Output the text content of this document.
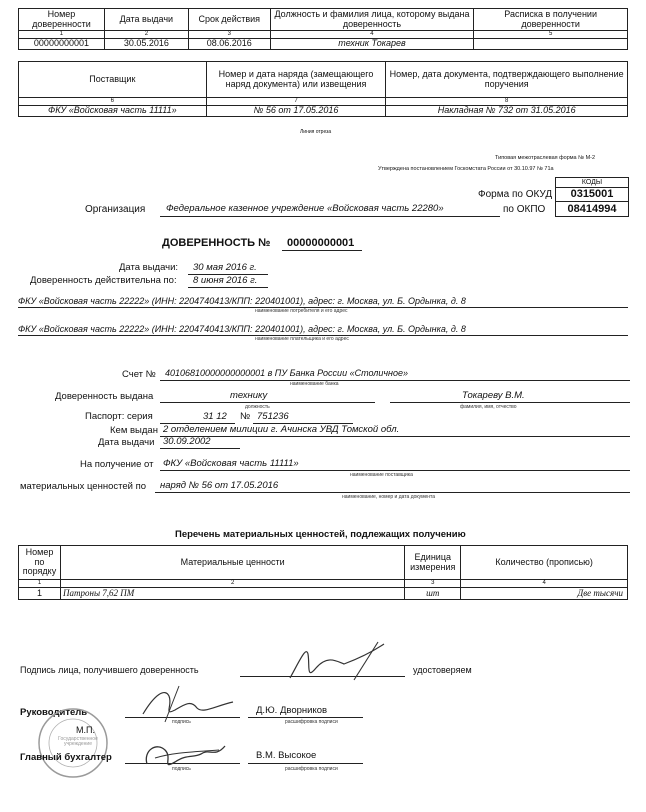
Номер доверенности	Дата выдачи	Срок действия	Должность и фамилия лица, которому выдана доверенность	Расписка в получении доверенности
1	2	3	4	5
00000000001	30.05.2016	08.06.2016	техник Токарев	
Поставщик	Номер и дата наряда (замещающего наряд документа) или извещения	Номер, дата документа, подтверждающего выполнение поручения
6	7	8
ФКУ «Войсковая часть 11111»	№ 56 от 17.05.2016	Накладная № 732 от 31.05.2016
Линия отреза
Типовая межотраслевая форма № М-2
Утверждена постановлением Госкомстата России от 30.10.97 № 71а
КОДЫ
0315001
08414994
Форма по ОКУД
по ОКПО
Организация Федеральное казенное учреждение «Войсковая часть 22280»
ДОВЕРЕННОСТЬ № 00000000001
Дата выдачи: 30 мая 2016 г.
Доверенность действительна по: 8 июня 2016 г.
ФКУ «Войсковая часть 22222» (ИНН: 2204740413/КПП: 220401001), адрес: г. Москва, ул. Б. Ордынка, д. 8
наименование потребителя и его адрес
ФКУ «Войсковая часть 22222» (ИНН: 2204740413/КПП: 220401001), адрес: г. Москва, ул. Б. Ордынка, д. 8
наименование плательщика и его адрес
Счет № 40106810000000000001 в ПУ Банка России «Столичное»
наименование банка
Доверенность выдана	технику
должность
Токареву В.М.
фамилия, имя, отчество
Паспорт: серия	31 12 № 751236
Кем выдан 2 отделением милиции г. Ачинска УВД Томской обл.
Дата выдачи 30.09.2002
На получение от ФКУ «Войсковая часть 11111»
наименование поставщика
материальных ценностей по наряд № 56 от 17.05.2016
наименование, номер и дата документа
Перечень материальных ценностей, подлежащих получению
Номер по порядку	Материальные ценности	Единица измерения	Количество (прописью)
1	2	3	4
1	Патроны 7,62 ПМ	шт	Две тысячи
Подпись лица, получившего доверенность	удостоверяем
Руководитель
подпись
Д.Ю. Дворников
расшифровка подписи
Государственное учреждение
М.П.
Главный бухгалтер
подпись
В.М. Высокое
расшифровка подписи
